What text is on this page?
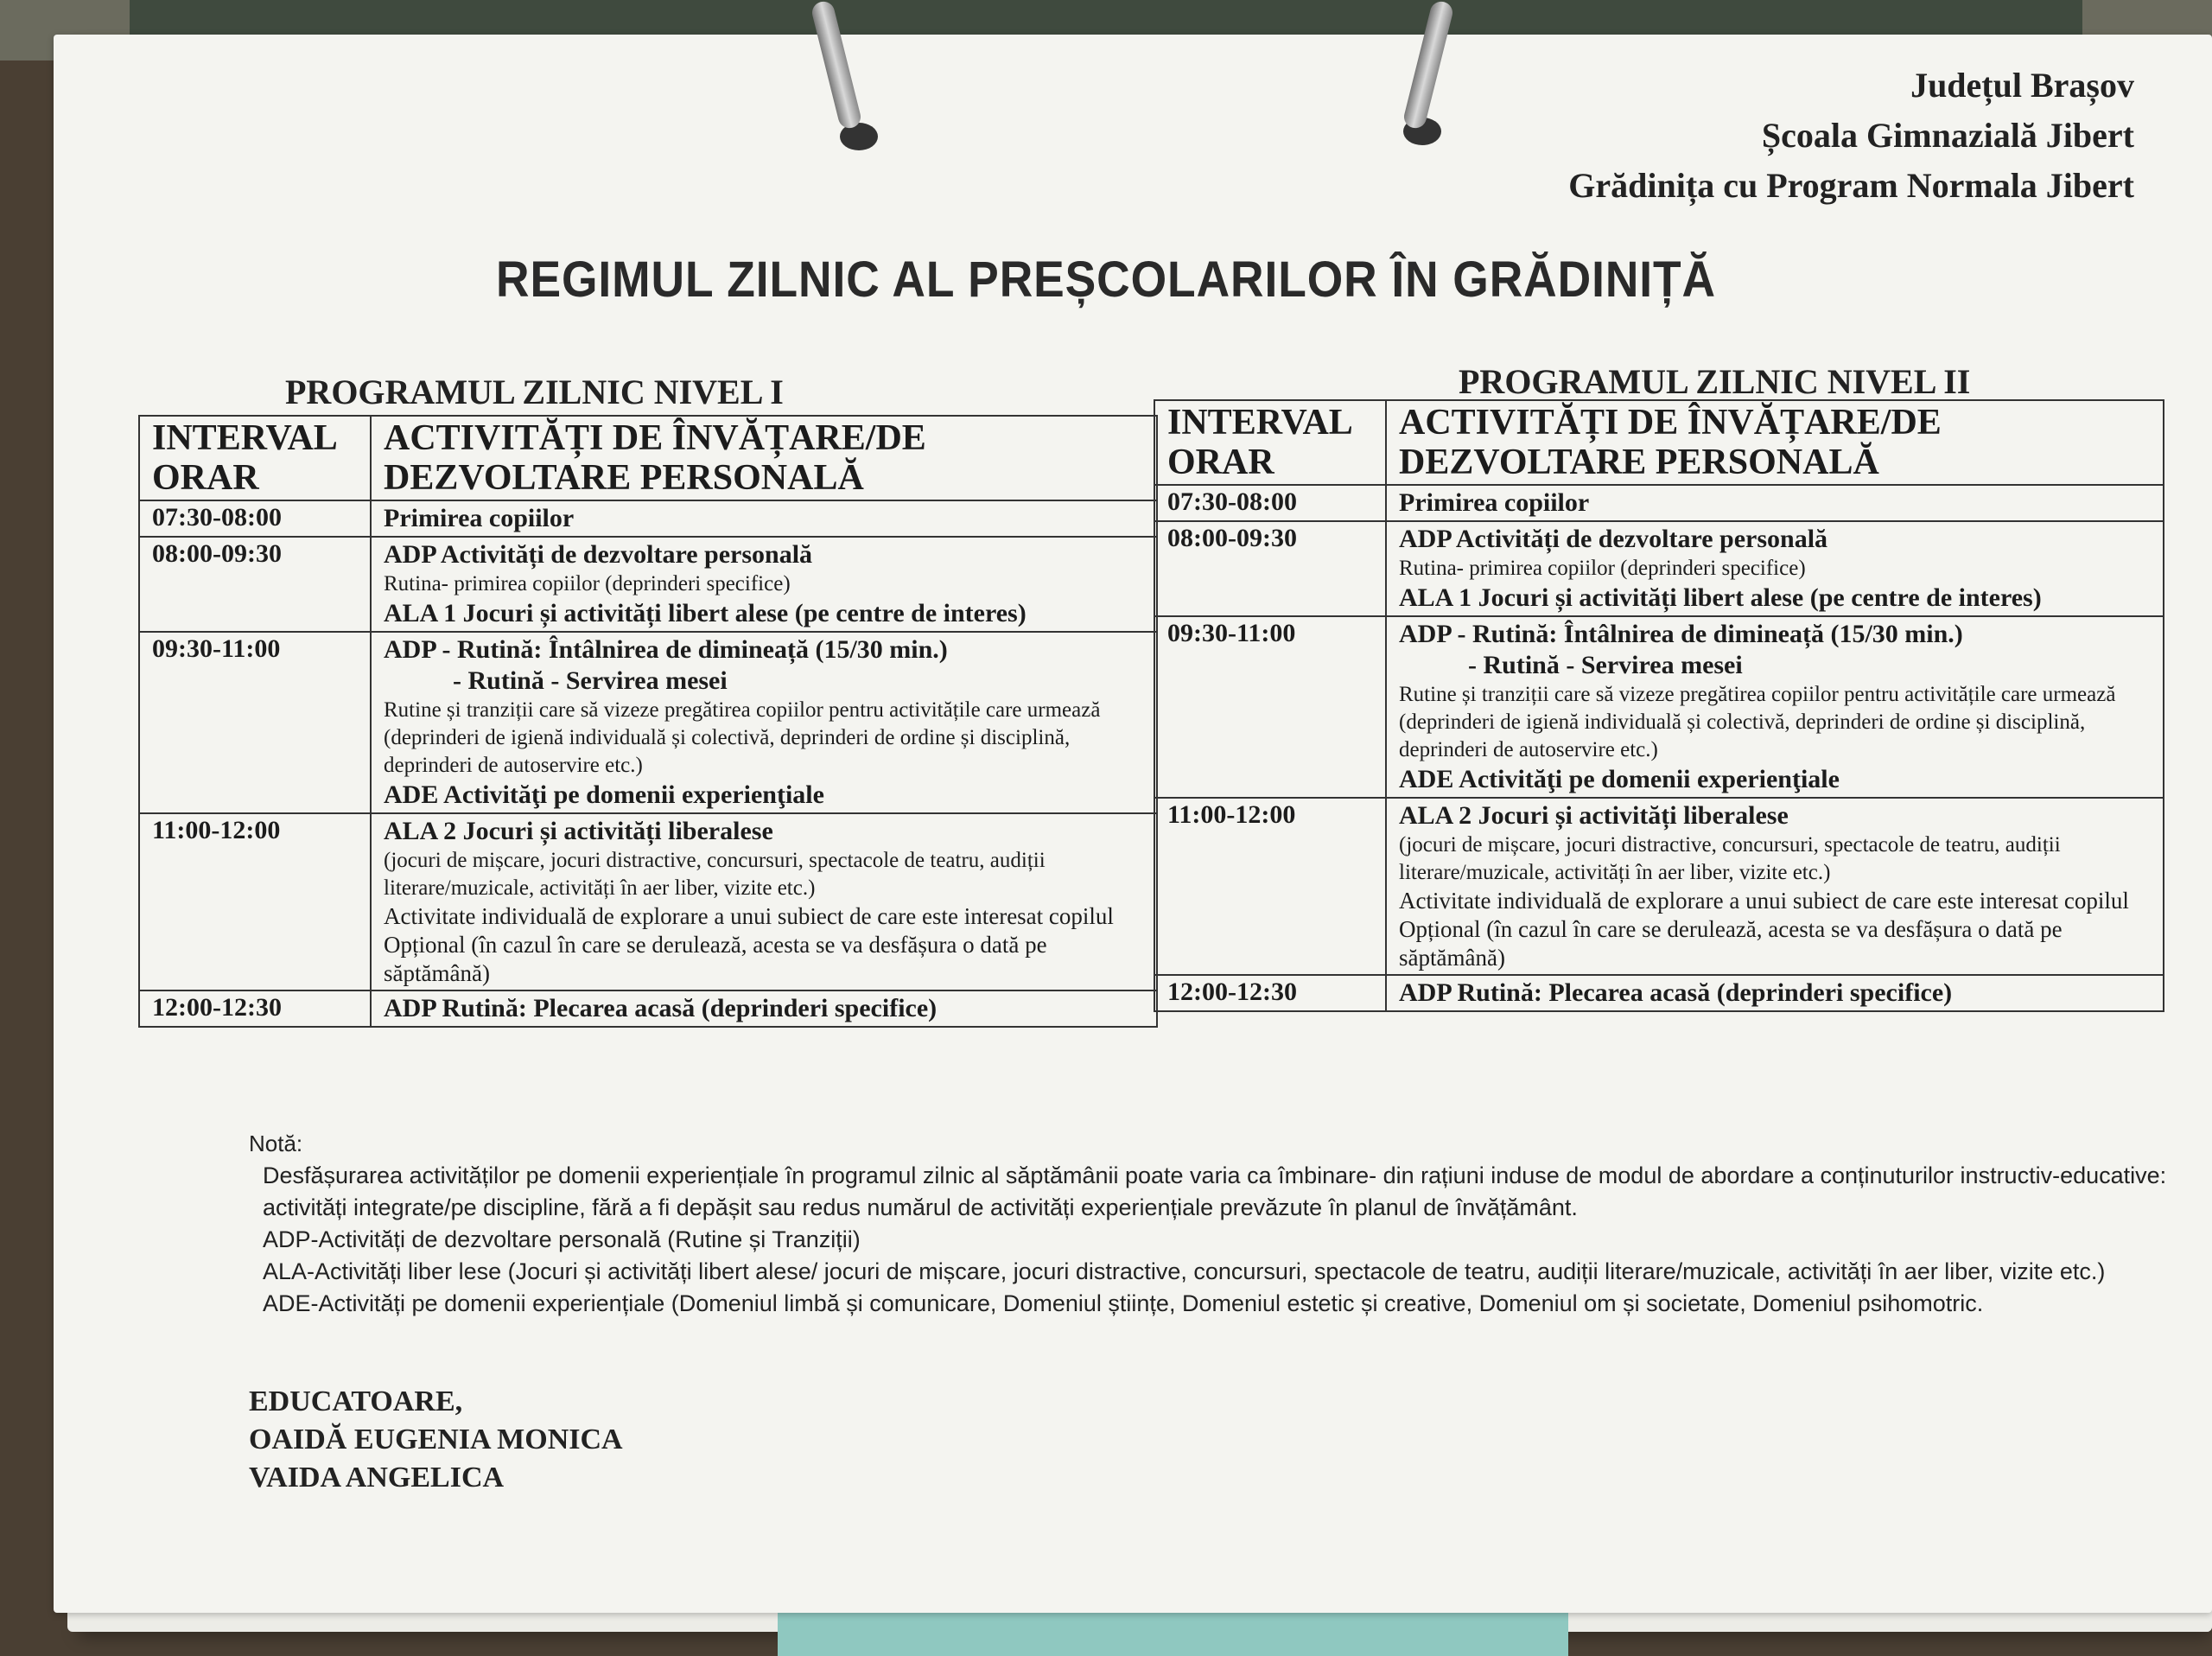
Județul Brașov
Școala Gimnazială Jibert
Grădinița cu Program Normala Jibert
REGIMUL ZILNIC AL PREȘCOLARILOR ÎN GRĂDINIȚĂ
PROGRAMUL ZILNIC NIVEL I	PROGRAMUL ZILNIC NIVEL II
INTERVAL ORAR	ACTIVITĂȚI DE ÎNVĂȚARE/DE DEZVOLTARE PERSONALĂ
07:30-08:00	Primirea copiilor

08:00-09:30	ADP Activități de dezvoltare personală
Rutina- primirea copiilor (deprinderi specifice)
ALA 1 Jocuri și activități libert alese (pe centre de interes)

09:30-11:00	ADP - Rutină: Întâlnirea de dimineață (15/30 min.)
- Rutină - Servirea mesei
Rutine și tranziții care să vizeze pregătirea copiilor pentru activitățile care urmează (deprinderi de igienă individuală și colectivă, deprinderi de ordine și disciplină, deprinderi de autoservire etc.)
ADE Activităţi pe domenii experienţiale

11:00-12:00	ALA 2 Jocuri și activități liberalese
(jocuri de mișcare, jocuri distractive, concursuri, spectacole de teatru, audiții literare/muzicale, activități în aer liber, vizite etc.)
Activitate individuală de explorare a unui subiect de care este interesat copilul
Opțional (în cazul în care se derulează, acesta se va desfășura o dată pe săptămână)

12:00-12:30	ADP Rutină: Plecarea acasă (deprinderi specifice)
INTERVAL ORAR	ACTIVITĂȚI DE ÎNVĂȚARE/DE DEZVOLTARE PERSONALĂ
07:30-08:00	Primirea copiilor

08:00-09:30	ADP Activități de dezvoltare personală
Rutina- primirea copiilor (deprinderi specifice)
ALA 1 Jocuri și activități libert alese (pe centre de interes)

09:30-11:00	ADP - Rutină: Întâlnirea de dimineață (15/30 min.)
- Rutină - Servirea mesei
Rutine și tranziții care să vizeze pregătirea copiilor pentru activitățile care urmează (deprinderi de igienă individuală și colectivă, deprinderi de ordine și disciplină, deprinderi de autoservire etc.)
ADE Activităţi pe domenii experienţiale

11:00-12:00	ALA 2 Jocuri și activități liberalese
(jocuri de mișcare, jocuri distractive, concursuri, spectacole de teatru, audiții literare/muzicale, activități în aer liber, vizite etc.)
Activitate individuală de explorare a unui subiect de care este interesat copilul
Opțional (în cazul în care se derulează, acesta se va desfășura o dată pe săptămână)

12:00-12:30	ADP Rutină: Plecarea acasă (deprinderi specifice)

Notă:

Desfășurarea activităților pe domenii experiențiale în programul zilnic al săptămânii poate varia ca îmbinare- din rațiuni induse de modul de abordare a conținuturilor instructiv-educative: activități integrate/pe discipline, fără a fi depășit sau redus numărul de activități experiențiale prevăzute în planul de învățământ.

ADP-Activități de dezvoltare personală (Rutine și Tranziții)

ALA-Activități liber lese (Jocuri și activități libert alese/ jocuri de mișcare, jocuri distractive, concursuri, spectacole de teatru, audiții literare/muzicale, activități în aer liber, vizite etc.)

ADE-Activități pe domenii experiențiale (Domeniul limbă și comunicare, Domeniul științe, Domeniul estetic și creative, Domeniul om și societate, Domeniul psihomotric.

EDUCATOARE,
OAIDĂ EUGENIA MONICA
VAIDA ANGELICA
